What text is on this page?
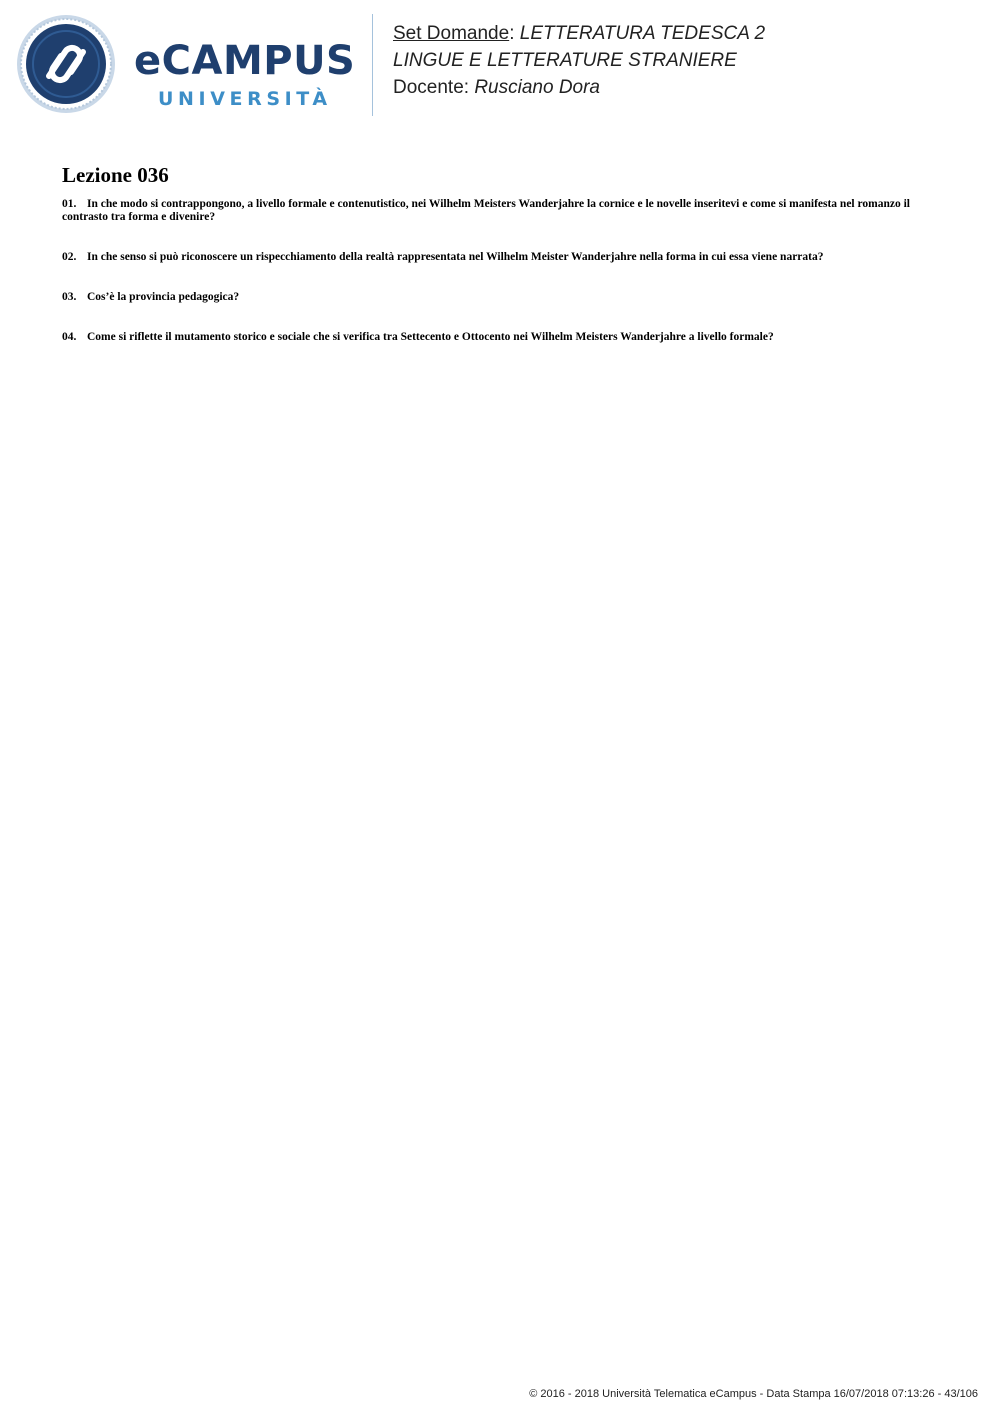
eCAMPUS
UNIVERSITÀ
Set Domande: LETTERATURA TEDESCA 2
LINGUE E LETTERATURE STRANIERE
Docente: Rusciano Dora
Lezione 036

01. In che modo si contrappongono, a livello formale e contenutistico, nei Wilhelm Meisters Wanderjahre la cornice e le novelle inseritevi e come si manifesta nel romanzo il contrasto tra forma e divenire?

02. In che senso si può riconoscere un rispecchiamento della realtà rappresentata nel Wilhelm Meister Wanderjahre nella forma in cui essa viene narrata?

03. Cos’è la provincia pedagogica?

04. Come si riflette il mutamento storico e sociale che si verifica tra Settecento e Ottocento nei Wilhelm Meisters Wanderjahre a livello formale?

© 2016 - 2018 Università Telematica eCampus - Data Stampa 16/07/2018 07:13:26 - 43/106
